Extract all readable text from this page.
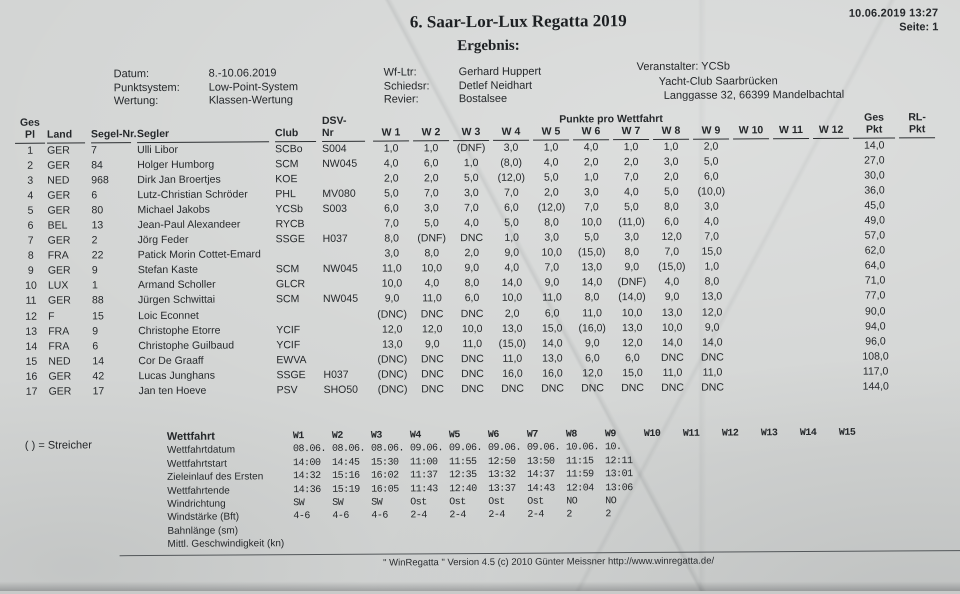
10.06.2019 13:27
Seite: 1
6. Saar-Lor-Lux Regatta 2019
Ergebnis:
Datum:	8.-10.06.2019
Punktsystem:	Low-Point-System
Wertung:	Klassen-Wertung
Wf-Ltr:	Gerhard Huppert
Schiedsr:	Detlef Neidhart
Revier:	Bostalsee
Veranstalter: YCSb
Yacht-Club Saarbrücken
Langgasse 32, 66399 Mandelbachtal
Ges					DSV-	Punkte pro Wettfahrt												Ges	RL-

Pl	Land	Segel-Nr.	Segler	Club	Nr	W 1	W 2	W 3	W 4	W 5	W 6	W 7	W 8	W 9	W 10	W 11	W 12	Pkt	Pkt

1	GER	7	Ulli Libor	SCBo	S004	1,0	1,0	(DNF)	3,0	1,0	4,0	1,0	1,0	2,0				14,0	
2	GER	84	Holger Humborg	SCM	NW045	4,0	6,0	1,0	(8,0)	4,0	2,0	2,0	3,0	5,0				27,0	
3	NED	968	Dirk Jan Broertjes	KOE		2,0	2,0	5,0	(12,0)	5,0	1,0	7,0	2,0	6,0				30,0	
4	GER	6	Lutz-Christian Schröder	PHL	MV080	5,0	7,0	3,0	7,0	2,0	3,0	4,0	5,0	(10,0)				36,0	
5	GER	80	Michael Jakobs	YCSb	S003	6,0	3,0	7,0	6,0	(12,0)	7,0	5,0	8,0	3,0				45,0	
6	BEL	13	Jean-Paul Alexandeer	RYCB		7,0	5,0	4,0	5,0	8,0	10,0	(11,0)	6,0	4,0				49,0	
7	GER	2	Jörg Feder	SSGE	H037	8,0	(DNF)	DNC	1,0	3,0	5,0	3,0	12,0	7,0				57,0	
8	FRA	22	Patick Morin Cottet-Emard			3,0	8,0	2,0	9,0	10,0	(15,0)	8,0	7,0	15,0				62,0	
9	GER	9	Stefan Kaste	SCM	NW045	11,0	10,0	9,0	4,0	7,0	13,0	9,0	(15,0)	1,0				64,0	
10	LUX	1	Armand Scholler	GLCR		10,0	4,0	8,0	14,0	9,0	14,0	(DNF)	4,0	8,0				71,0	
11	GER	88	Jürgen Schwittai	SCM	NW045	9,0	11,0	6,0	10,0	11,0	8,0	(14,0)	9,0	13,0				77,0	
12	F	15	Loic Econnet			(DNC)	DNC	DNC	2,0	6,0	11,0	10,0	13,0	12,0				90,0	
13	FRA	9	Christophe Etorre	YCIF		12,0	12,0	10,0	13,0	15,0	(16,0)	13,0	10,0	9,0				94,0	
14	FRA	6	Christophe Guilbaud	YCIF		13,0	9,0	11,0	(15,0)	14,0	9,0	12,0	14,0	14,0				96,0	
15	NED	14	Cor De Graaff	EWVA		(DNC)	DNC	DNC	11,0	13,0	6,0	6,0	DNC	DNC				108,0	
16	GER	42	Lucas Junghans	SSGE	H037	(DNC)	DNC	DNC	16,0	16,0	12,0	15,0	11,0	11,0				117,0	
17	GER	17	Jan ten Hoeve	PSV	SHO50	(DNC)	DNC	DNC	DNC	DNC	DNC	DNC	DNC	DNC				144,0	
( ) = Streicher
Wettfahrt	W1	W2	W3	W4	W5	W6	W7	W8	W9	W10	W11	W12	W13	W14	W15
Wettfahrtdatum	08.06.	08.06.	08.06.	09.06.	09.06.	09.06.	09.06.	10.06.	10.						
Wettfahrtstart	14:00	14:45	15:30	11:00	11:55	12:50	13:50	11:15	12:11						
Zieleinlauf des Ersten	14:32	15:16	16:02	11:37	12:35	13:32	14:37	11:59	13:01						
Wettfahrtende	14:36	15:19	16:05	11:43	12:40	13:37	14:43	12:04	13:06						
Windrichtung	SW	SW	SW	Ost	Ost	Ost	Ost	NO	NO						
Windstärke (Bft)	4-6	4-6	4-6	2-4	2-4	2-4	2-4	2	2						
Bahnlänge (sm)															
Mittl. Geschwindigkeit (kn)															
" WinRegatta " Version 4.5 (c) 2010 Günter Meissner http://www.winregatta.de/
